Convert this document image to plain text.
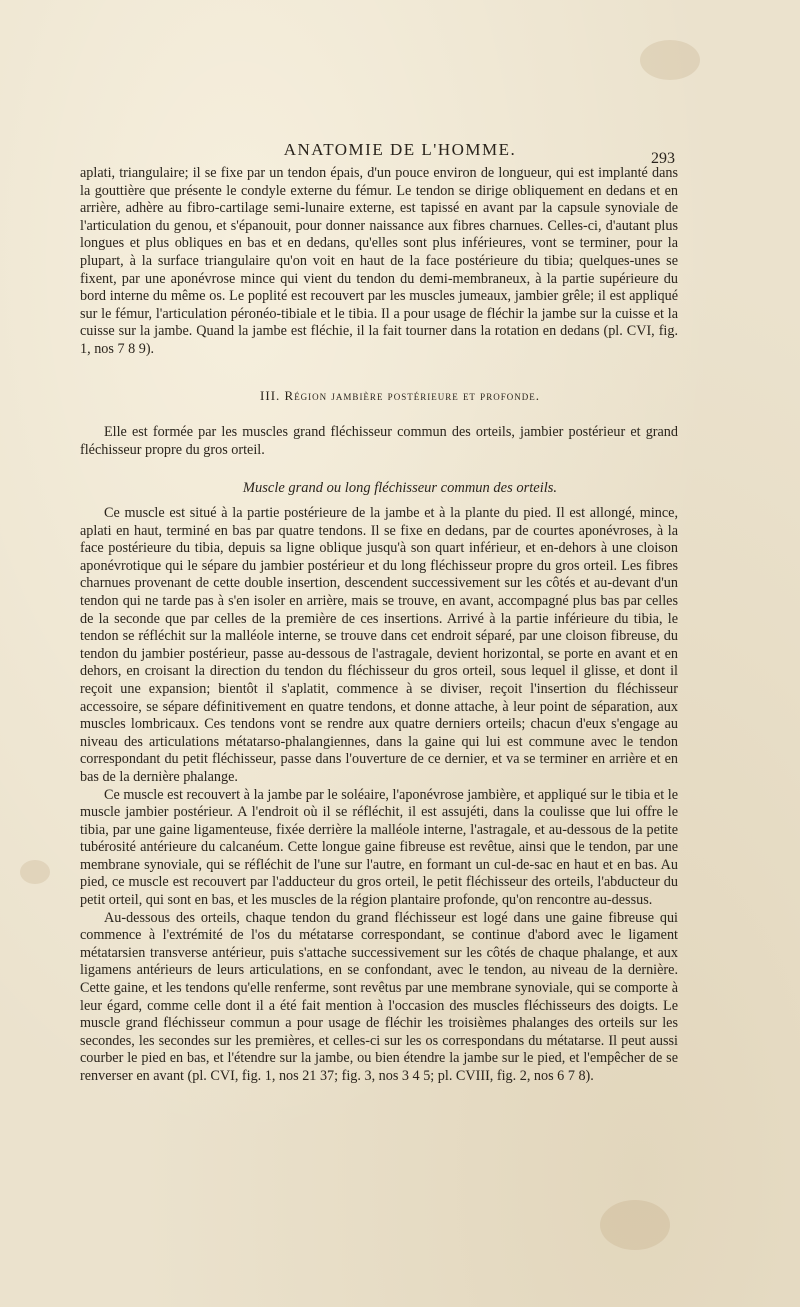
ANATOMIE DE L'HOMME.	293

aplati, triangulaire; il se fixe par un tendon épais, d'un pouce environ de longueur, qui est implanté dans la gouttière que présente le condyle externe du fémur. Le tendon se dirige obliquement en dedans et en arrière, adhère au fibro-cartilage semi-lunaire externe, est tapissé en avant par la capsule synoviale de l'articulation du genou, et s'épanouit, pour donner naissance aux fibres charnues. Celles-ci, d'autant plus longues et plus obliques en bas et en dedans, qu'elles sont plus inférieures, vont se terminer, pour la plupart, à la surface triangulaire qu'on voit en haut de la face postérieure du tibia; quelques-unes se fixent, par une aponévrose mince qui vient du tendon du demi-membraneux, à la partie supérieure du bord interne du même os. Le poplité est recouvert par les muscles jumeaux, jambier grêle; il est appliqué sur le fémur, l'articulation péronéo-tibiale et le tibia. Il a pour usage de fléchir la jambe sur la cuisse et la cuisse sur la jambe. Quand la jambe est fléchie, il la fait tourner dans la rotation en dedans (pl. CVI, fig. 1, nos 7 8 9).

III. Région jambière postérieure et profonde.

Elle est formée par les muscles grand fléchisseur commun des orteils, jambier postérieur et grand fléchisseur propre du gros orteil.

Muscle grand ou long fléchisseur commun des orteils.

Ce muscle est situé à la partie postérieure de la jambe et à la plante du pied. Il est allongé, mince, aplati en haut, terminé en bas par quatre tendons. Il se fixe en dedans, par de courtes aponévroses, à la face postérieure du tibia, depuis sa ligne oblique jusqu'à son quart inférieur, et en-dehors à une cloison aponévrotique qui le sépare du jambier postérieur et du long fléchisseur propre du gros orteil. Les fibres charnues provenant de cette double insertion, descendent successivement sur les côtés et au-devant d'un tendon qui ne tarde pas à s'en isoler en arrière, mais se trouve, en avant, accompagné plus bas par celles de la seconde que par celles de la première de ces insertions. Arrivé à la partie inférieure du tibia, le tendon se réfléchit sur la malléole interne, se trouve dans cet endroit séparé, par une cloison fibreuse, du tendon du jambier postérieur, passe au-dessous de l'astragale, devient horizontal, se porte en avant et en dehors, en croisant la direction du tendon du fléchisseur du gros orteil, sous lequel il glisse, et dont il reçoit une expansion; bientôt il s'aplatit, commence à se diviser, reçoit l'insertion du fléchisseur accessoire, se sépare définitivement en quatre tendons, et donne attache, à leur point de séparation, aux muscles lombricaux. Ces tendons vont se rendre aux quatre derniers orteils; chacun d'eux s'engage au niveau des articulations métatarso-phalangiennes, dans la gaine qui lui est commune avec le tendon correspondant du petit fléchisseur, passe dans l'ouverture de ce dernier, et va se terminer en arrière et en bas de la dernière phalange.

Ce muscle est recouvert à la jambe par le soléaire, l'aponévrose jambière, et appliqué sur le tibia et le muscle jambier postérieur. A l'endroit où il se réfléchit, il est assujéti, dans la coulisse que lui offre le tibia, par une gaine ligamenteuse, fixée derrière la malléole interne, l'astragale, et au-dessous de la petite tubérosité antérieure du calcanéum. Cette longue gaine fibreuse est revêtue, ainsi que le tendon, par une membrane synoviale, qui se réfléchit de l'une sur l'autre, en formant un cul-de-sac en haut et en bas. Au pied, ce muscle est recouvert par l'adducteur du gros orteil, le petit fléchisseur des orteils, l'abducteur du petit orteil, qui sont en bas, et les muscles de la région plantaire profonde, qu'on rencontre au-dessus.

Au-dessous des orteils, chaque tendon du grand fléchisseur est logé dans une gaine fibreuse qui commence à l'extrémité de l'os du métatarse correspondant, se continue d'abord avec le ligament métatarsien transverse antérieur, puis s'attache successivement sur les côtés de chaque phalange, et aux ligamens antérieurs de leurs articulations, en se confondant, avec le tendon, au niveau de la dernière. Cette gaine, et les tendons qu'elle renferme, sont revêtus par une membrane synoviale, qui se comporte à leur égard, comme celle dont il a été fait mention à l'occasion des muscles fléchisseurs des doigts. Le muscle grand fléchisseur commun a pour usage de fléchir les troisièmes phalanges des orteils sur les secondes, les secondes sur les premières, et celles-ci sur les os correspondans du métatarse. Il peut aussi courber le pied en bas, et l'étendre sur la jambe, ou bien étendre la jambe sur le pied, et l'empêcher de se renverser en avant (pl. CVI, fig. 1, nos 21 37; fig. 3, nos 3 4 5; pl. CVIII, fig. 2, nos 6 7 8).
